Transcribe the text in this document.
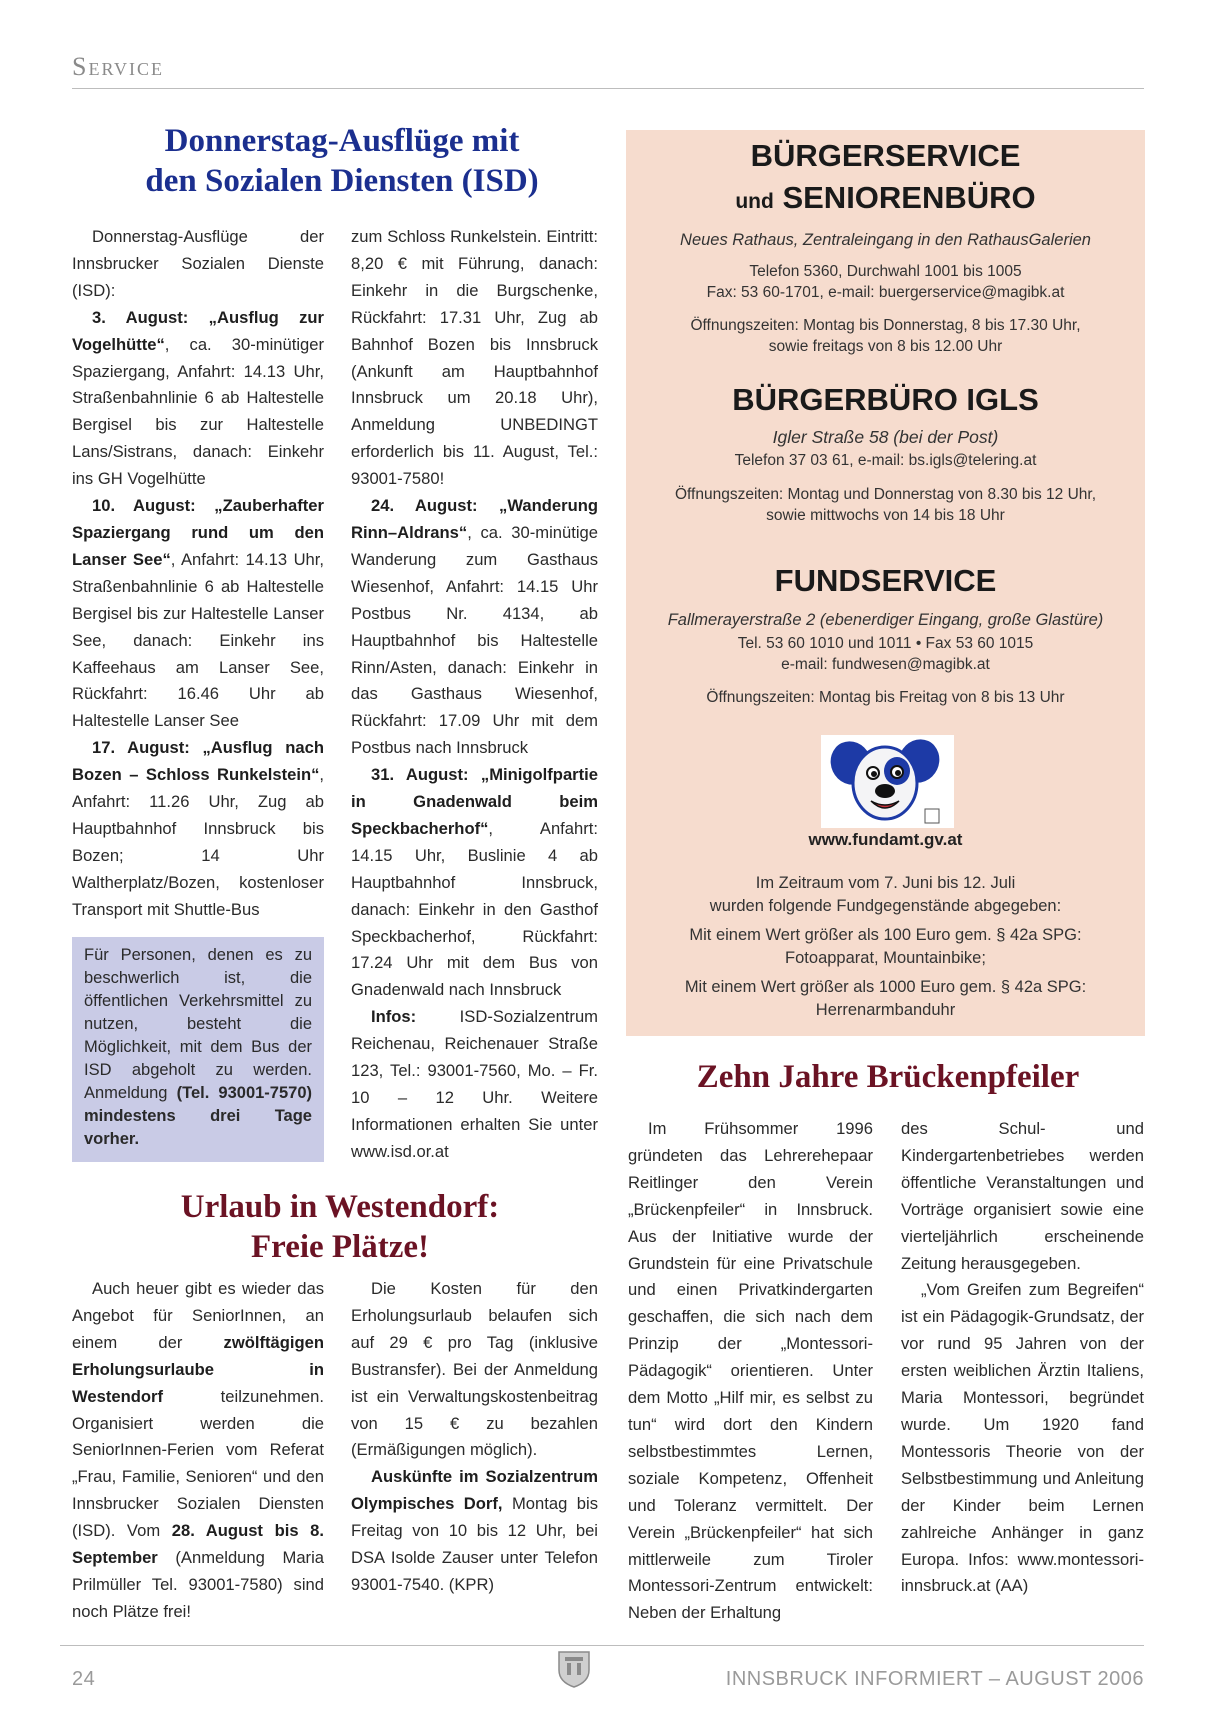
Service
Donnerstag-Ausflüge mit
den Sozialen Diensten (ISD)

Donnerstag-Ausflüge der Innsbrucker Sozialen Dienste (ISD):

3. August: „Ausflug zur Vogelhütte“, ca. 30-minütiger Spaziergang, Anfahrt: 14.13 Uhr, Straßenbahnlinie 6 ab Haltestelle Bergisel bis zur Haltestelle Lans/Sistrans, danach: Einkehr ins GH Vogelhütte

10. August: „Zauberhafter Spaziergang rund um den Lanser See“, Anfahrt: 14.13 Uhr, Straßenbahnlinie 6 ab Haltestelle Bergisel bis zur Haltestelle Lanser See, danach: Einkehr ins Kaffeehaus am Lanser See, Rückfahrt: 16.46 Uhr ab Haltestelle Lanser See

17. August: „Ausflug nach Bozen – Schloss Runkelstein“, Anfahrt: 11.26 Uhr, Zug ab Hauptbahnhof Innsbruck bis Bozen; 14 Uhr Waltherplatz/Bozen, kostenloser Transport mit Shuttle-Bus

Für Personen, denen es zu beschwerlich ist, die öffentlichen Verkehrsmittel zu nutzen, besteht die Möglichkeit, mit dem Bus der ISD abgeholt zu werden. Anmeldung (Tel. 93001-7570) mindestens drei Tage vorher.

zum Schloss Runkelstein. Eintritt: 8,20 € mit Führung, danach: Einkehr in die Burgschenke, Rückfahrt: 17.31 Uhr, Zug ab Bahnhof Bozen bis Innsbruck (Ankunft am Hauptbahnhof Innsbruck um 20.18 Uhr), Anmeldung UNBEDINGT erforderlich bis 11. August, Tel.: 93001-7580!

24. August: „Wanderung Rinn–Aldrans“, ca. 30-minütige Wanderung zum Gasthaus Wiesenhof, Anfahrt: 14.15 Uhr Postbus Nr. 4134, ab Hauptbahnhof bis Haltestelle Rinn/Asten, danach: Einkehr in das Gasthaus Wiesenhof, Rückfahrt: 17.09 Uhr mit dem Postbus nach Innsbruck

31. August: „Minigolfpartie in Gnadenwald beim Speckbacherhof“, Anfahrt: 14.15 Uhr, Buslinie 4 ab Hauptbahnhof Innsbruck, danach: Einkehr in den Gasthof Speckbacherhof, Rückfahrt: 17.24 Uhr mit dem Bus von Gnadenwald nach Innsbruck

Infos: ISD-Sozialzentrum Reichenau, Reichenauer Straße 123, Tel.: 93001-7560, Mo. – Fr. 10 – 12 Uhr. Weitere Informationen erhalten Sie unter www.isd.or.at

Urlaub in Westendorf:
Freie Plätze!

Auch heuer gibt es wieder das Angebot für SeniorInnen, an einem der zwölftägigen Erholungsurlaube in Westendorf teilzunehmen. Organisiert werden die SeniorInnen-Ferien vom Referat „Frau, Familie, Senioren“ und den Innsbrucker Sozialen Diensten (ISD). Vom 28. August bis 8. September (Anmeldung Maria Prilmüller Tel. 93001-7580) sind noch Plätze frei!

Die Kosten für den Erholungsurlaub belaufen sich auf 29 € pro Tag (inklusive Bustransfer). Bei der Anmeldung ist ein Verwaltungskostenbeitrag von 15 € zu bezahlen (Ermäßigungen möglich).

Auskünfte im Sozialzentrum Olympisches Dorf, Montag bis Freitag von 10 bis 12 Uhr, bei DSA Isolde Zauser unter Telefon 93001-7540. (KPR)

BÜRGERSERVICE
und SENIORENBÜRO
Neues Rathaus, Zentraleingang in den RathausGalerien
Telefon 5360, Durchwahl 1001 bis 1005
Fax: 53 60-1701, e-mail: buergerservice@magibk.at
Öffnungszeiten: Montag bis Donnerstag, 8 bis 17.30 Uhr,
sowie freitags von 8 bis 12.00 Uhr
BÜRGERBÜRO IGLS
Igler Straße 58 (bei der Post)
Telefon 37 03 61, e-mail: bs.igls@telering.at
Öffnungszeiten: Montag und Donnerstag von 8.30 bis 12 Uhr,
sowie mittwochs von 14 bis 18 Uhr
FUNDSERVICE
Fallmerayerstraße 2 (ebenerdiger Eingang, große Glastüre)
Tel. 53 60 1010 und 1011 • Fax 53 60 1015
e-mail: fundwesen@magibk.at
Öffnungszeiten: Montag bis Freitag von 8 bis 13 Uhr
www.fundamt.gv.at
Im Zeitraum vom 7. Juni bis 12. Juli
wurden folgende Fundgegenstände abgegeben:
Mit einem Wert größer als 100 Euro gem. § 42a SPG:
Fotoapparat, Mountainbike;
Mit einem Wert größer als 1000 Euro gem. § 42a SPG:
Herrenarmbanduhr
Zehn Jahre Brückenpfeiler

Im Frühsommer 1996 gründeten das Lehrerehepaar Reitlinger den Verein „Brückenpfeiler“ in Innsbruck. Aus der Initiative wurde der Grundstein für eine Privatschule und einen Privatkindergarten geschaffen, die sich nach dem Prinzip der „Montessori-Pädagogik“ orientieren. Unter dem Motto „Hilf mir, es selbst zu tun“ wird dort den Kindern selbstbestimmtes Lernen, soziale Kompetenz, Offenheit und Toleranz vermittelt. Der Verein „Brückenpfeiler“ hat sich mittlerweile zum Tiroler Montessori-Zentrum entwickelt: Neben der Erhaltung

des Schul- und Kindergartenbetriebes werden öffentliche Veranstaltungen und Vorträge organisiert sowie eine vierteljährlich erscheinende Zeitung herausgegeben.

„Vom Greifen zum Begreifen“ ist ein Pädagogik-Grundsatz, der vor rund 95 Jahren von der ersten weiblichen Ärztin Italiens, Maria Montessori, begründet wurde. Um 1920 fand Montessoris Theorie von der Selbstbestimmung und Anleitung der Kinder beim Lernen zahlreiche Anhänger in ganz Europa. Infos: www.montessori-innsbruck.at (AA)

24	INNSBRUCK INFORMIERT – AUGUST 2006
